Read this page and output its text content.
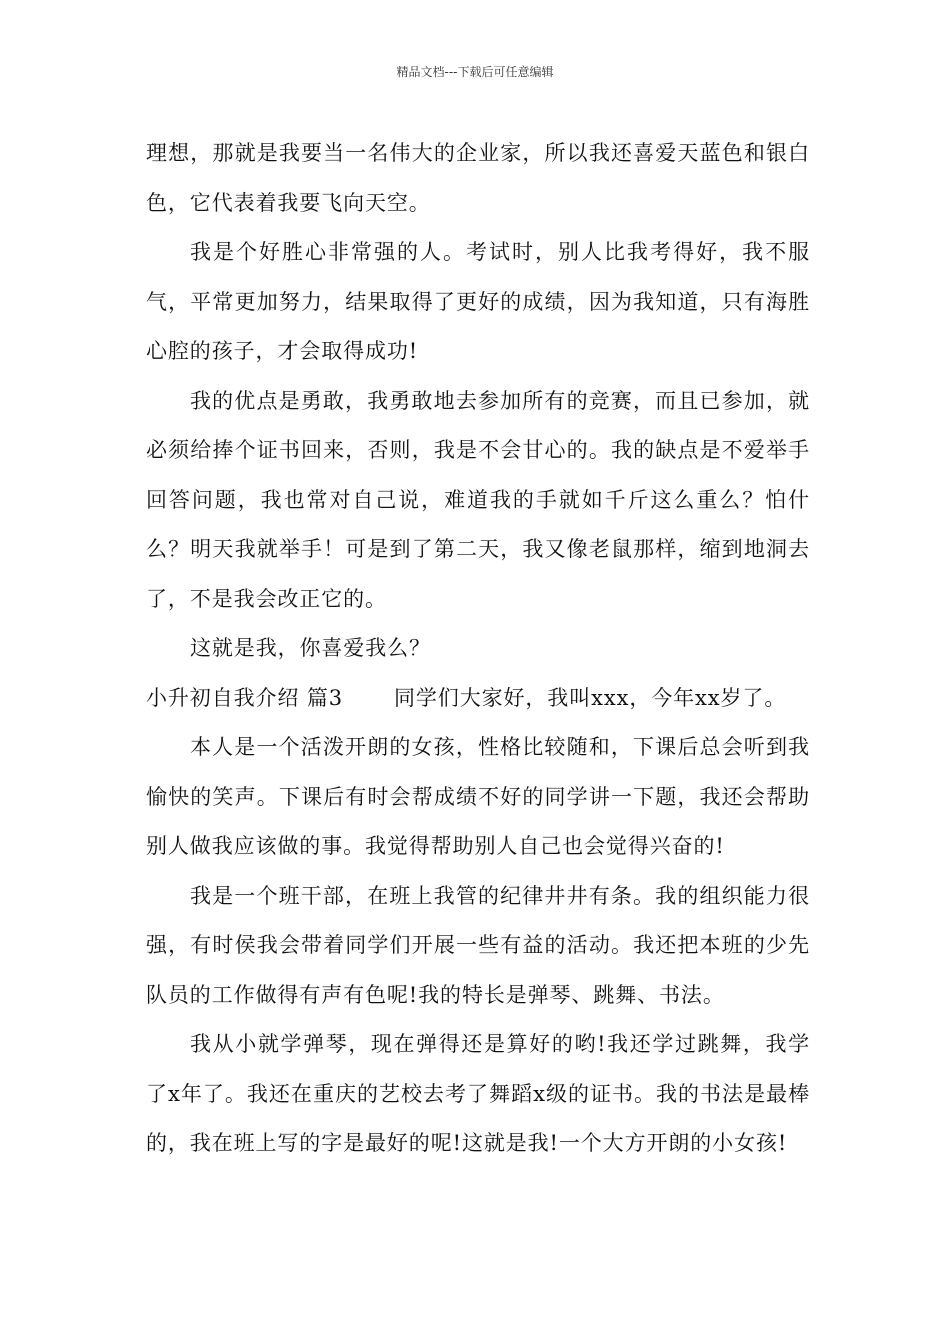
精品文档---下载后可任意编辑

理想，那就是我要当一名伟大的企业家，所以我还喜爱天蓝色和银白色，它代表着我要飞向天空。

我是个好胜心非常强的人。考试时，别人比我考得好，我不服气，平常更加努力，结果取得了更好的成绩，因为我知道，只有海胜心腔的孩子，才会取得成功!

我的优点是勇敢，我勇敢地去参加所有的竞赛，而且已参加，就必须给捧个证书回来，否则，我是不会甘心的。我的缺点是不爱举手回答问题，我也常对自己说，难道我的手就如千斤这么重么？怕什么？明天我就举手！可是到了第二天，我又像老鼠那样，缩到地洞去了，不是我会改正它的。

这就是我，你喜爱我么？

小升初自我介绍 篇3 同学们大家好，我叫xxx，今年xx岁了。

本人是一个活泼开朗的女孩，性格比较随和，下课后总会听到我愉快的笑声。下课后有时会帮成绩不好的同学讲一下题，我还会帮助别人做我应该做的事。我觉得帮助别人自己也会觉得兴奋的!

我是一个班干部，在班上我管的纪律井井有条。我的组织能力很强，有时侯我会带着同学们开展一些有益的活动。我还把本班的少先队员的工作做得有声有色呢!我的特长是弹琴、跳舞、书法。

我从小就学弹琴，现在弹得还是算好的哟!我还学过跳舞，我学了x年了。我还在重庆的艺校去考了舞蹈x级的证书。我的书法是最棒的，我在班上写的字是最好的呢!这就是我!一个大方开朗的小女孩!
